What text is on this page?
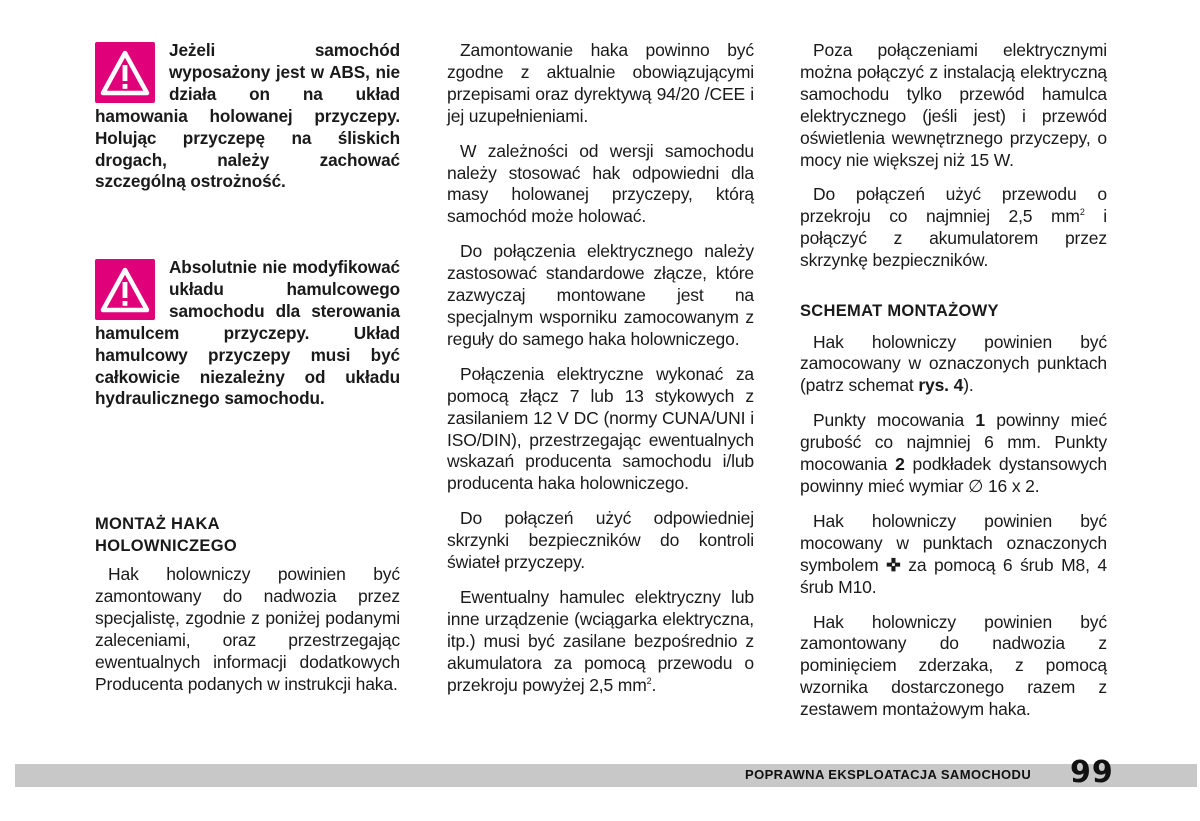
Jeżeli samochód wyposażony jest w ABS, nie działa on na układ hamowania holowanej przyczepy. Holując przyczepę na śliskich drogach, należy zachować szczególną ostrożność.
Absolutnie nie modyfikować układu hamulcowego samochodu dla sterowania hamulcem przyczepy. Układ hamulcowy przyczepy musi być całkowicie niezależny od układu hydraulicznego samochodu.
MONTAŻ HAKA
HOLOWNICZEGO

Hak holowniczy powinien być zamontowany do nadwozia przez specjalistę, zgodnie z poniżej podanymi zaleceniami, oraz przestrzegając ewentualnych informacji dodatkowych Producenta podanych w instrukcji haka.

Zamontowanie haka powinno być zgodne z aktualnie obowiązującymi przepisami oraz dyrektywą 94/20 /CEE i jej uzupełnieniami.

W zależności od wersji samochodu należy stosować hak odpowiedni dla masy holowanej przyczepy, którą samochód może holować.

Do połączenia elektrycznego należy zastosować standardowe złącze, które zazwyczaj montowane jest na specjalnym wsporniku zamocowanym z reguły do samego haka holowniczego.

Połączenia elektryczne wykonać za pomocą złącz 7 lub 13 stykowych z zasilaniem 12 V DC (normy CUNA/UNI i ISO/DIN), przestrzegając ewentualnych wskazań producenta samochodu i/lub producenta haka holowniczego.

Do połączeń użyć odpowiedniej skrzynki bezpieczników do kontroli świateł przyczepy.

Ewentualny hamulec elektryczny lub inne urządzenie (wciągarka elektryczna, itp.) musi być zasilane bezpośrednio z akumulatora za pomocą przewodu o przekroju powyżej 2,5 $mm^2$.

Poza połączeniami elektrycznymi można połączyć z instalacją elektryczną samochodu tylko przewód hamulca elektrycznego (jeśli jest) i przewód oświetlenia wewnętrznego przyczepy, o mocy nie większej niż 15 W.

Do połączeń użyć przewodu o przekroju co najmniej 2,5 $mm^2$ i połączyć z akumulatorem przez skrzynkę bezpieczników.

SCHEMAT MONTAŻOWY

Hak holowniczy powinien być zamocowany w oznaczonych punktach (patrz schemat rys. 4).

Punkty mocowania 1 powinny mieć grubość co najmniej 6 mm. Punkty mocowania 2 podkładek dystansowych powinny mieć wymiar ∅ 16 x 2.

Hak holowniczy powinien być mocowany w punktach oznaczonych symbolem ✜ za pomocą 6 śrub M8, 4 śrub M10.

Hak holowniczy powinien być zamontowany do nadwozia z pominięciem zderzaka, z pomocą wzornika dostarczonego razem z zestawem montażowym haka.

POPRAWNA EKSPLOATACJA SAMOCHODU 99
